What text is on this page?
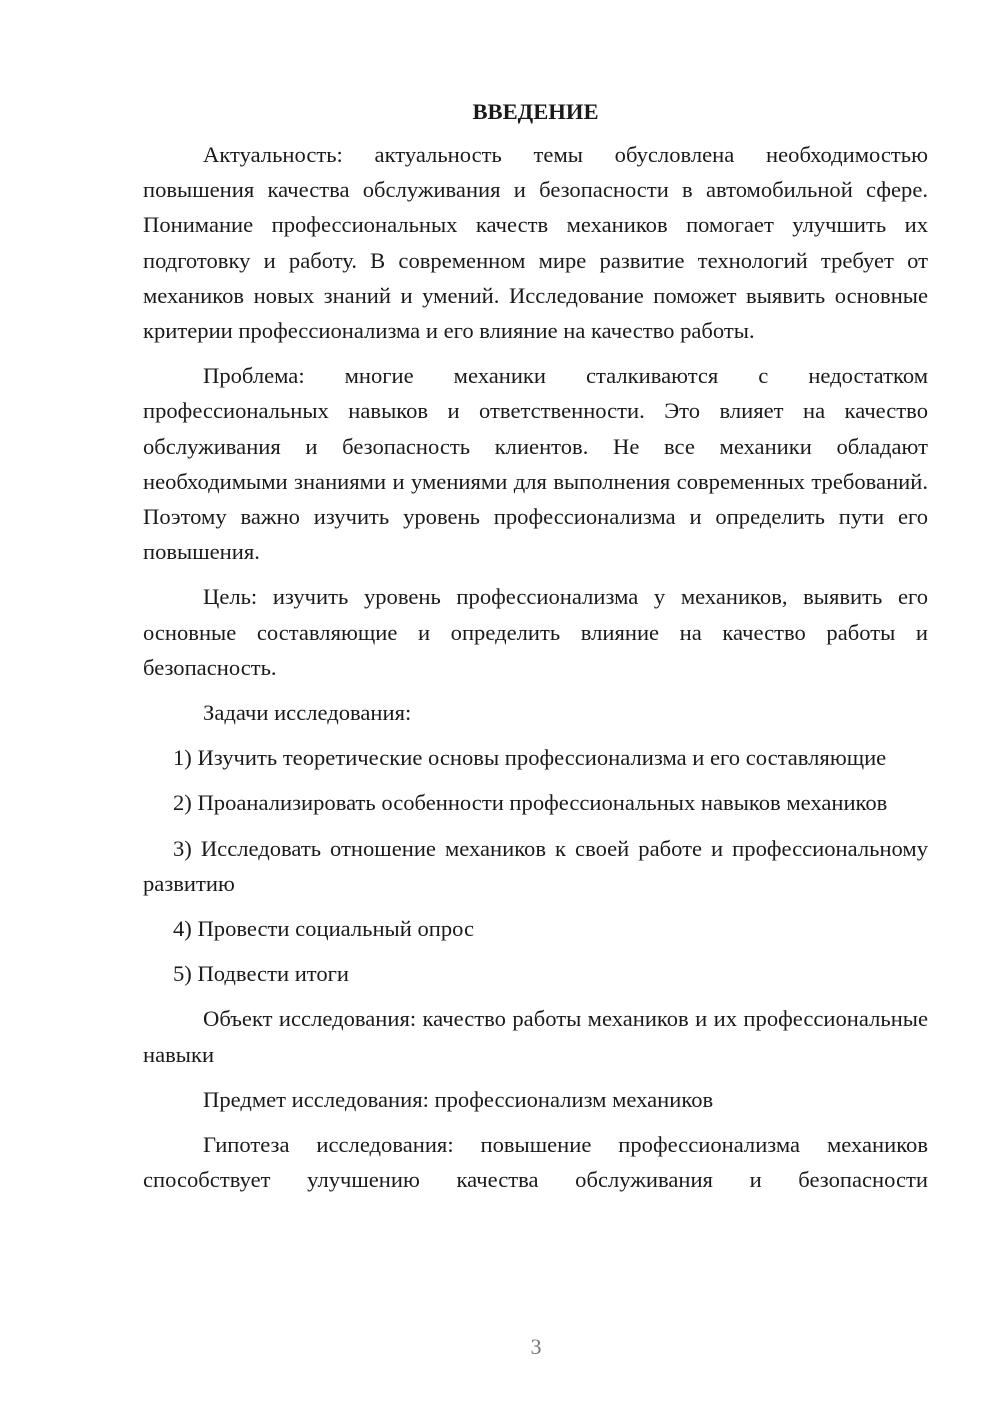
ВВЕДЕНИЕ

Актуальность: актуальность темы обусловлена необходимостью повышения качества обслуживания и безопасности в автомобильной сфере. Понимание профессиональных качеств механиков помогает улучшить их подготовку и работу. В современном мире развитие технологий требует от механиков новых знаний и умений. Исследование поможет выявить основные критерии профессионализма и его влияние на качество работы.

Проблема: многие механики сталкиваются с недостатком профессиональных навыков и ответственности. Это влияет на качество обслуживания и безопасность клиентов. Не все механики обладают необходимыми знаниями и умениями для выполнения современных требований. Поэтому важно изучить уровень профессионализма и определить пути его повышения.

Цель: изучить уровень профессионализма у механиков, выявить его основные составляющие и определить влияние на качество работы и безопасность.

Задачи исследования:

1) Изучить теоретические основы профессионализма и его составляющие

2) Проанализировать особенности профессиональных навыков механиков

3) Исследовать отношение механиков к своей работе и профессиональному развитию

4) Провести социальный опрос

5) Подвести итоги

Объект исследования: качество работы механиков и их профессиональные навыки

Предмет исследования: профессионализм механиков

Гипотеза исследования: повышение профессионализма механиков способствует улучшению качества обслуживания и безопасности

3
